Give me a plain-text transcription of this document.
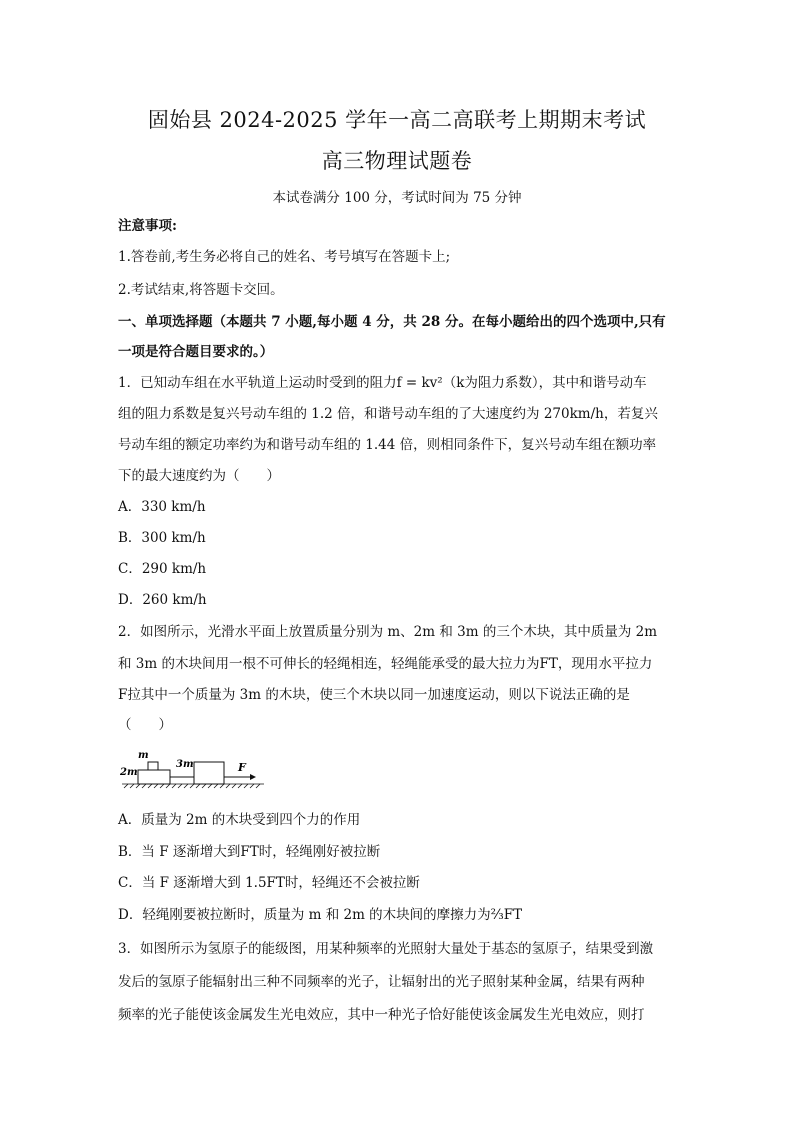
固始县 2024-2025 学年一高二高联考上期期末考试
高三物理试题卷
本试卷满分 100 分，考试时间为 75 分钟
注意事项:
1.答卷前,考生务必将自己的姓名、考号填写在答题卡上;
2.考试结束,将答题卡交回。
一、单项选择题（本题共 7 小题,每小题 4 分，共 28 分。在每小题给出的四个选项中,只有
一项是符合题目要求的。）
1．已知动车组在水平轨道上运动时受到的阻力f = kv²（k为阻力系数），其中和谐号动车
组的阻力系数是复兴号动车组的 1.2 倍，和谐号动车组的了大速度约为 270km/h，若复兴
号动车组的额定功率约为和谐号动车组的 1.44 倍，则相同条件下，复兴号动车组在额功率
下的最大速度约为（　　）
A．330 km/h
B．300 km/h
C．290 km/h
D．260 km/h
2．如图所示，光滑水平面上放置质量分别为 m、2m 和 3m 的三个木块，其中质量为 2m
和 3m 的木块间用一根不可伸长的轻绳相连，轻绳能承受的最大拉力为FT，现用水平拉力
F拉其中一个质量为 3m 的木块，使三个木块以同一加速度运动，则以下说法正确的是
（　　）
m
2m
3m	F
A．质量为 2m 的木块受到四个力的作用
B．当 F 逐渐增大到FT时，轻绳刚好被拉断
C．当 F 逐渐增大到 1.5FT时，轻绳还不会被拉断
D．轻绳刚要被拉断时，质量为 m 和 2m 的木块间的摩擦力为⅔FT
3．如图所示为氢原子的能级图，用某种频率的光照射大量处于基态的氢原子，结果受到激
发后的氢原子能辐射出三种不同频率的光子，让辐射出的光子照射某种金属，结果有两种
频率的光子能使该金属发生光电效应，其中一种光子恰好能使该金属发生光电效应，则打
